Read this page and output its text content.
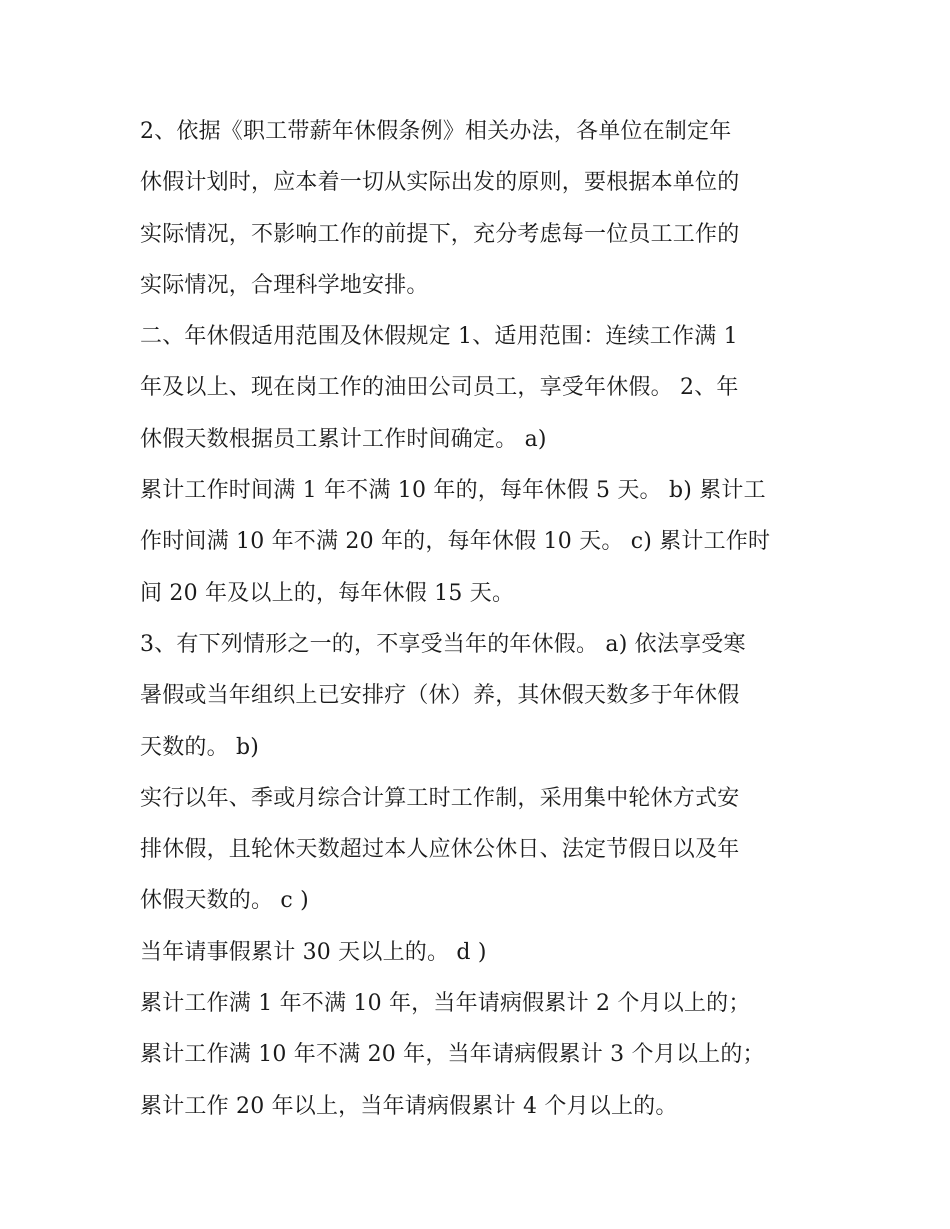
2、依据《职工带薪年休假条例》相关办法，各单位在制定年
休假计划时，应本着一切从实际出发的原则，要根据本单位的
实际情况，不影响工作的前提下，充分考虑每一位员工工作的
实际情况，合理科学地安排。
二、年休假适用范围及休假规定 1、适用范围：连续工作满 1
年及以上、现在岗工作的油田公司员工，享受年休假。 2、年
休假天数根据员工累计工作时间确定。 a)
累计工作时间满 1 年不满 10 年的，每年休假 5 天。 b) 累计工
作时间满 10 年不满 20 年的，每年休假 10 天。 c) 累计工作时
间 20 年及以上的，每年休假 15 天。
3、有下列情形之一的，不享受当年的年休假。 a) 依法享受寒
暑假或当年组织上已安排疗（休）养，其休假天数多于年休假
天数的。 b)
实行以年、季或月综合计算工时工作制，采用集中轮休方式安
排休假，且轮休天数超过本人应休公休日、法定节假日以及年
休假天数的。 c )
当年请事假累计 30 天以上的。 d )
累计工作满 1 年不满 10 年，当年请病假累计 2 个月以上的；
累计工作满 10 年不满 20 年，当年请病假累计 3 个月以上的；
累计工作 20 年以上，当年请病假累计 4 个月以上的。
